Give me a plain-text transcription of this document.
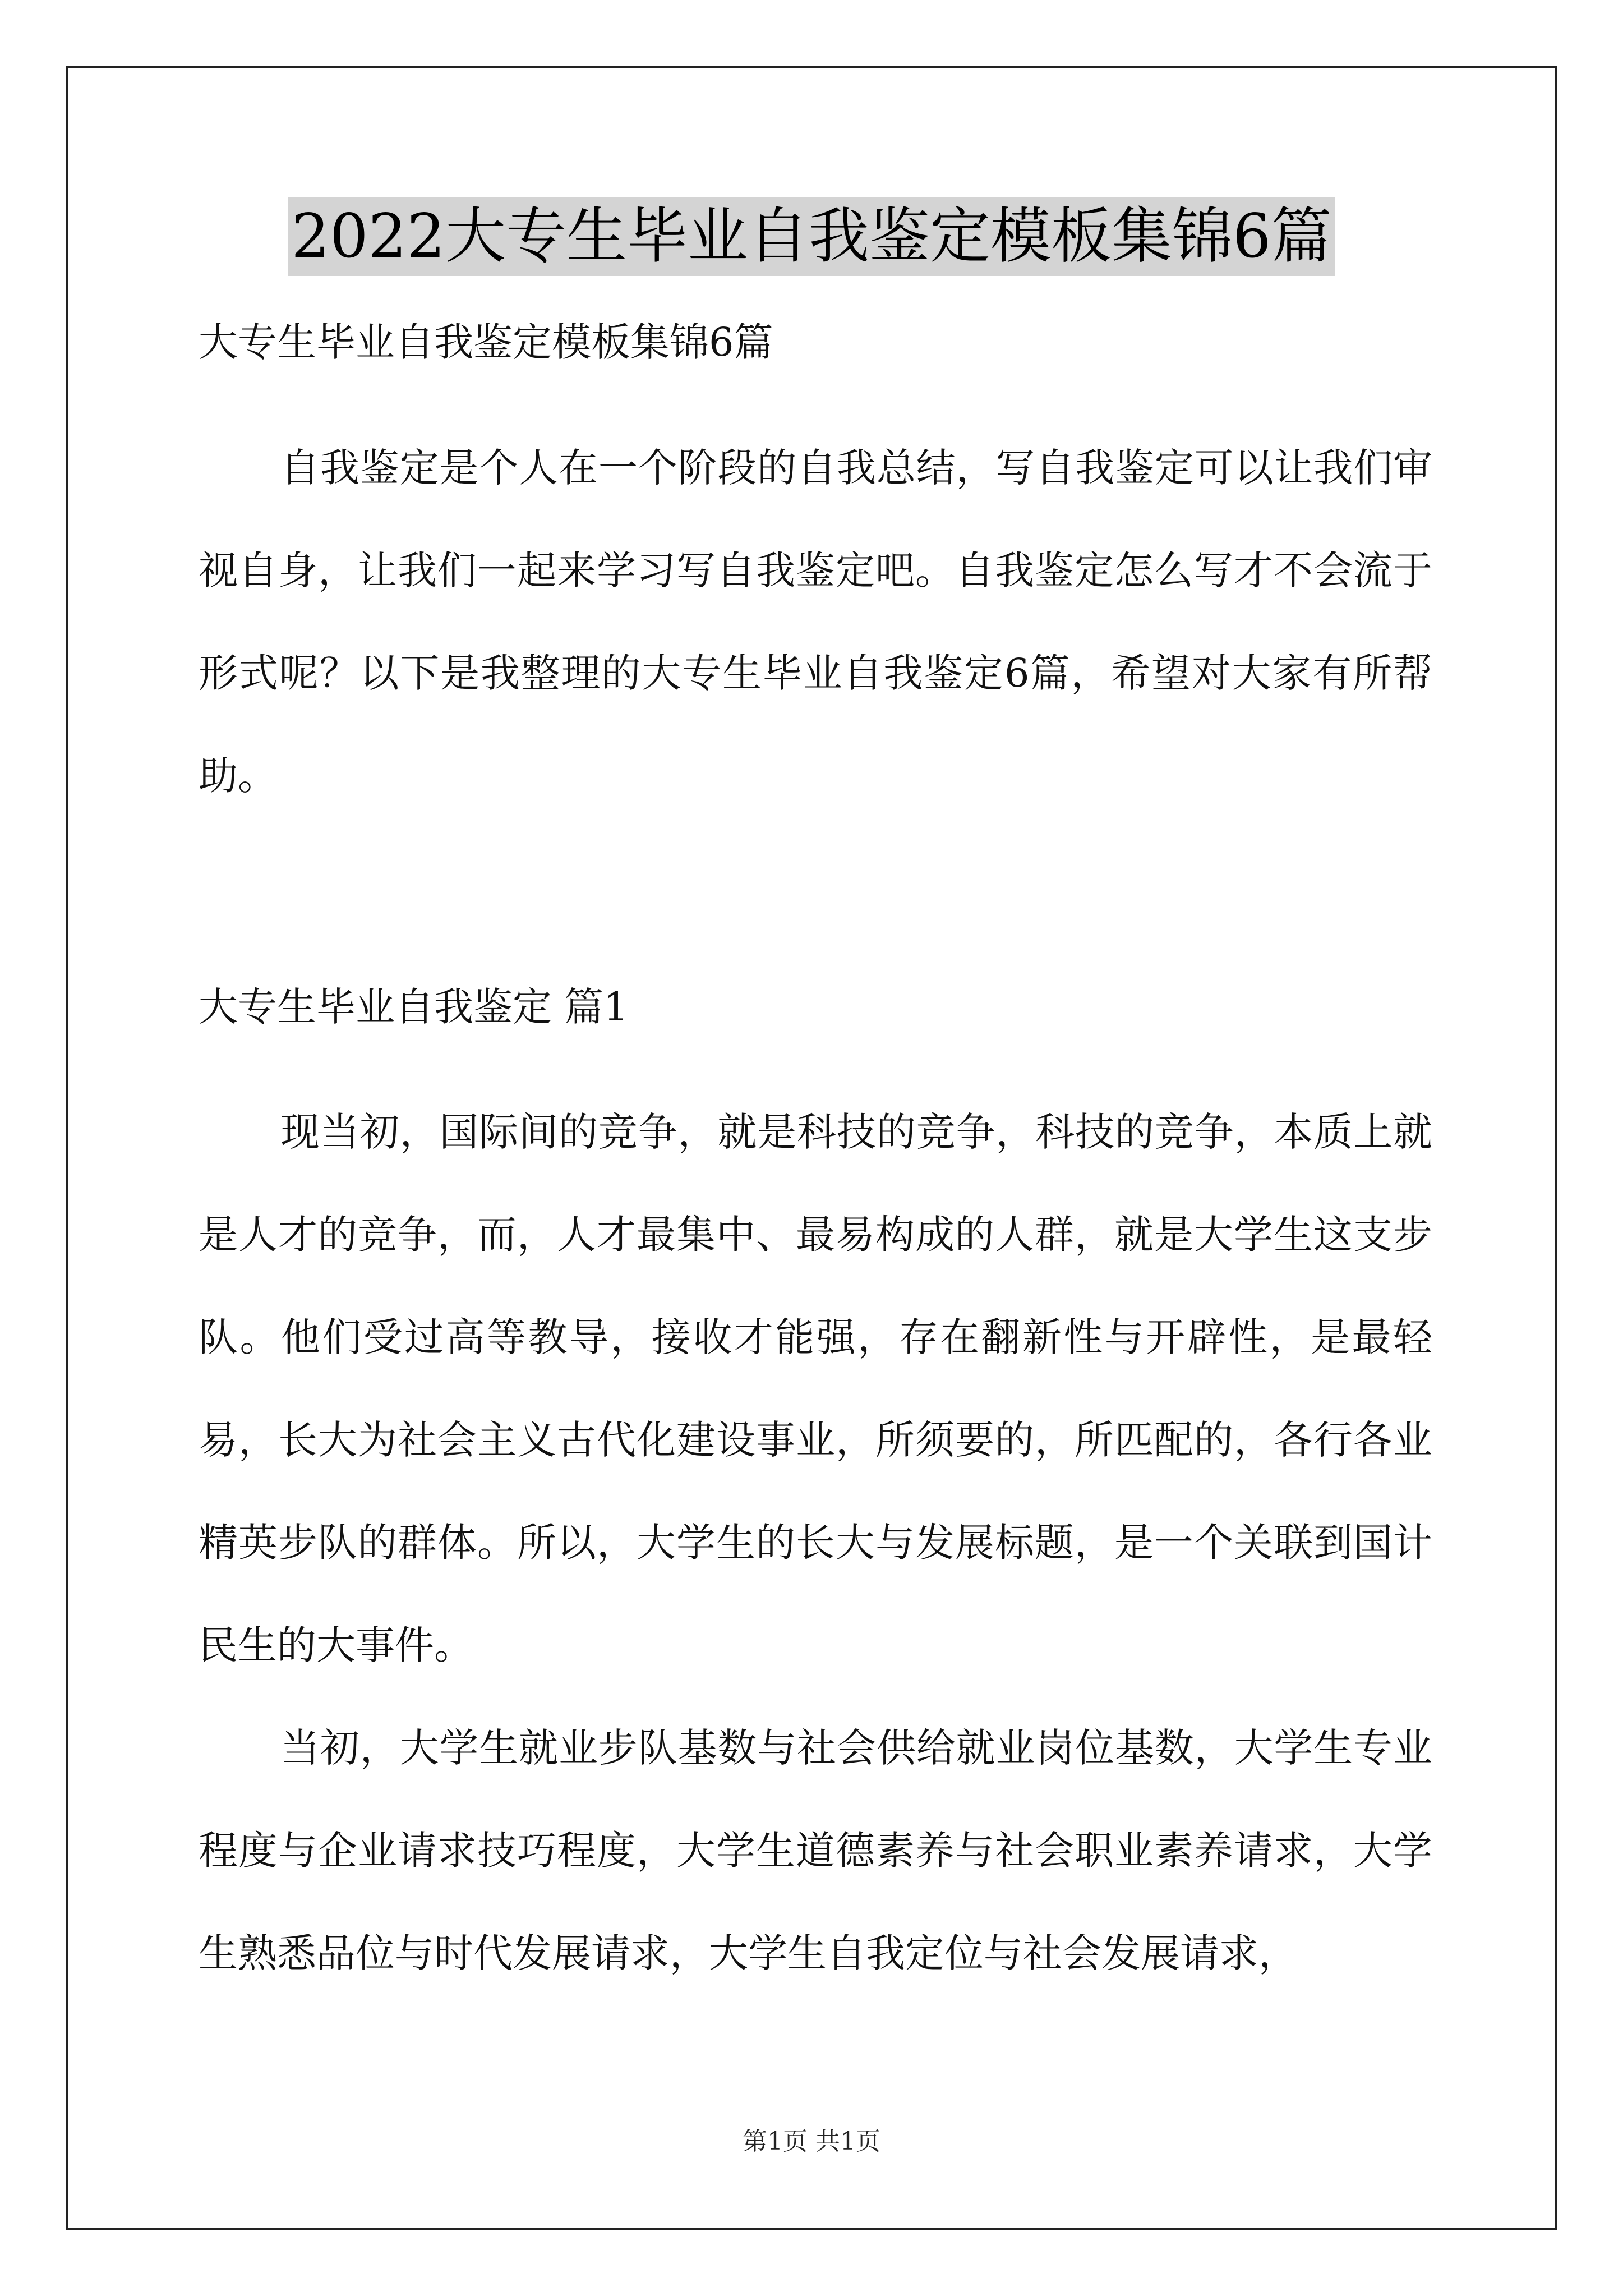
2022大专生毕业自我鉴定模板集锦6篇
大专生毕业自我鉴定模板集锦6篇

自我鉴定是个人在一个阶段的自我总结，写自我鉴定可以让我们审视自身，让我们一起来学习写自我鉴定吧。自我鉴定怎么写才不会流于形式呢？以下是我整理的大专生毕业自我鉴定6篇，希望对大家有所帮助。

大专生毕业自我鉴定 篇1

现当初，国际间的竞争，就是科技的竞争，科技的竞争，本质上就是人才的竞争，而，人才最集中、最易构成的人群，就是大学生这支步队。他们受过高等教导，接收才能强，存在翻新性与开辟性，是最轻易，长大为社会主义古代化建设事业，所须要的，所匹配的，各行各业精英步队的群体。所以，大学生的长大与发展标题，是一个关联到国计民生的大事件。

当初，大学生就业步队基数与社会供给就业岗位基数，大学生专业程度与企业请求技巧程度，大学生道德素养与社会职业素养请求，大学生熟悉品位与时代发展请求，大学生自我定位与社会发展请求，

第1页 共1页
